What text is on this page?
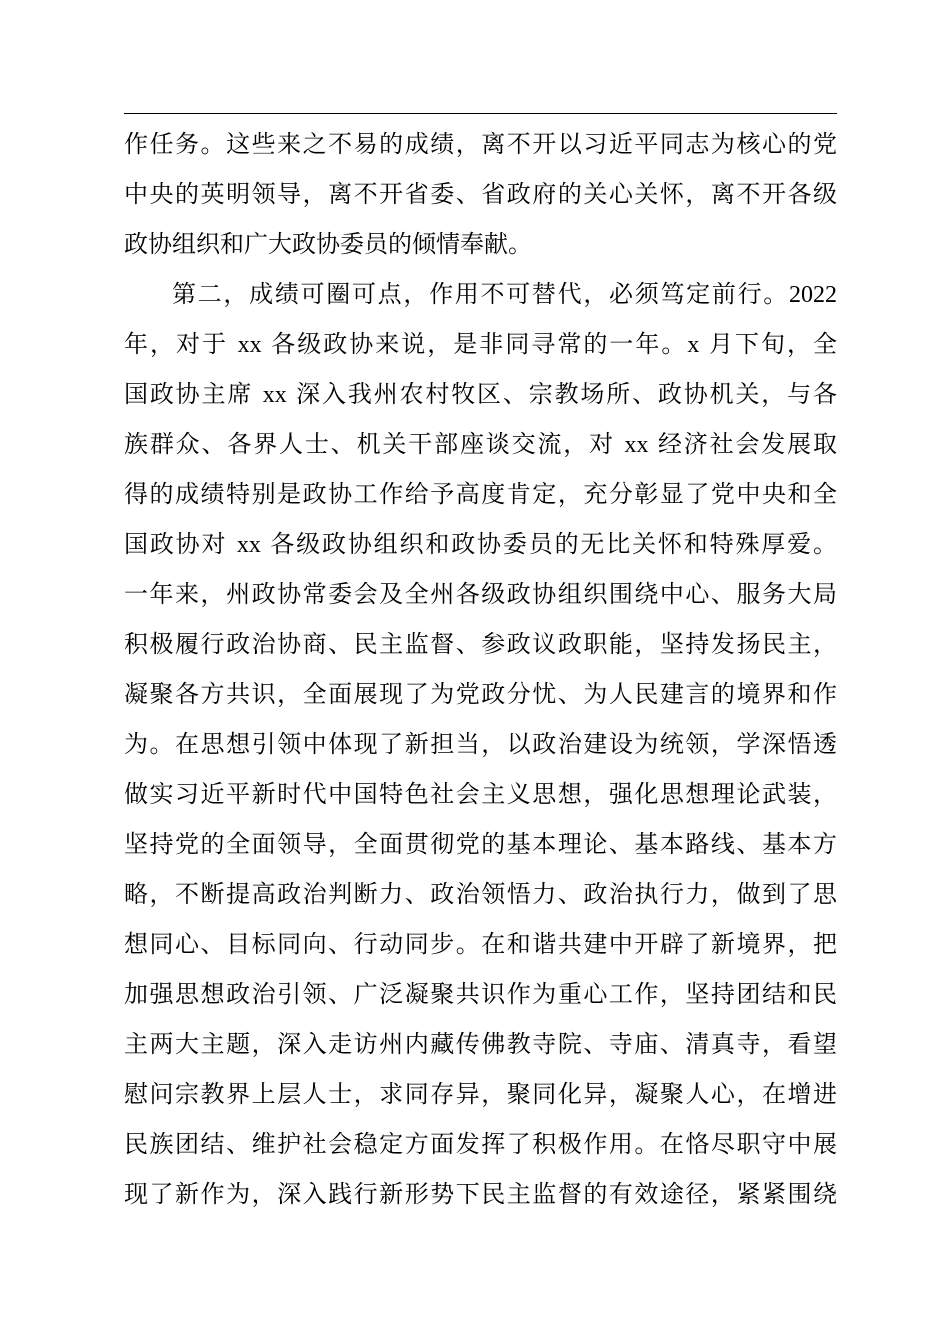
作任务。这些来之不易的成绩，离不开以习近平同志为核心的党
中央的英明领导，离不开省委、省政府的关心关怀，离不开各级
政协组织和广大政协委员的倾情奉献。
第二，成绩可圈可点，作用不可替代，必须笃定前行。2022
年，对于 xx 各级政协来说，是非同寻常的一年。x 月下旬，全
国政协主席 xx 深入我州农村牧区、宗教场所、政协机关，与各
族群众、各界人士、机关干部座谈交流，对 xx 经济社会发展取
得的成绩特别是政协工作给予高度肯定，充分彰显了党中央和全
国政协对 xx 各级政协组织和政协委员的无比关怀和特殊厚爱。
一年来，州政协常委会及全州各级政协组织围绕中心、服务大局
积极履行政治协商、民主监督、参政议政职能，坚持发扬民主，
凝聚各方共识，全面展现了为党政分忧、为人民建言的境界和作
为。在思想引领中体现了新担当，以政治建设为统领，学深悟透
做实习近平新时代中国特色社会主义思想，强化思想理论武装，
坚持党的全面领导，全面贯彻党的基本理论、基本路线、基本方
略，不断提高政治判断力、政治领悟力、政治执行力，做到了思
想同心、目标同向、行动同步。在和谐共建中开辟了新境界，把
加强思想政治引领、广泛凝聚共识作为重心工作，坚持团结和民
主两大主题，深入走访州内藏传佛教寺院、寺庙、清真寺，看望
慰问宗教界上层人士，求同存异，聚同化异，凝聚人心，在增进
民族团结、维护社会稳定方面发挥了积极作用。在恪尽职守中展
现了新作为，深入践行新形势下民主监督的有效途径，紧紧围绕
